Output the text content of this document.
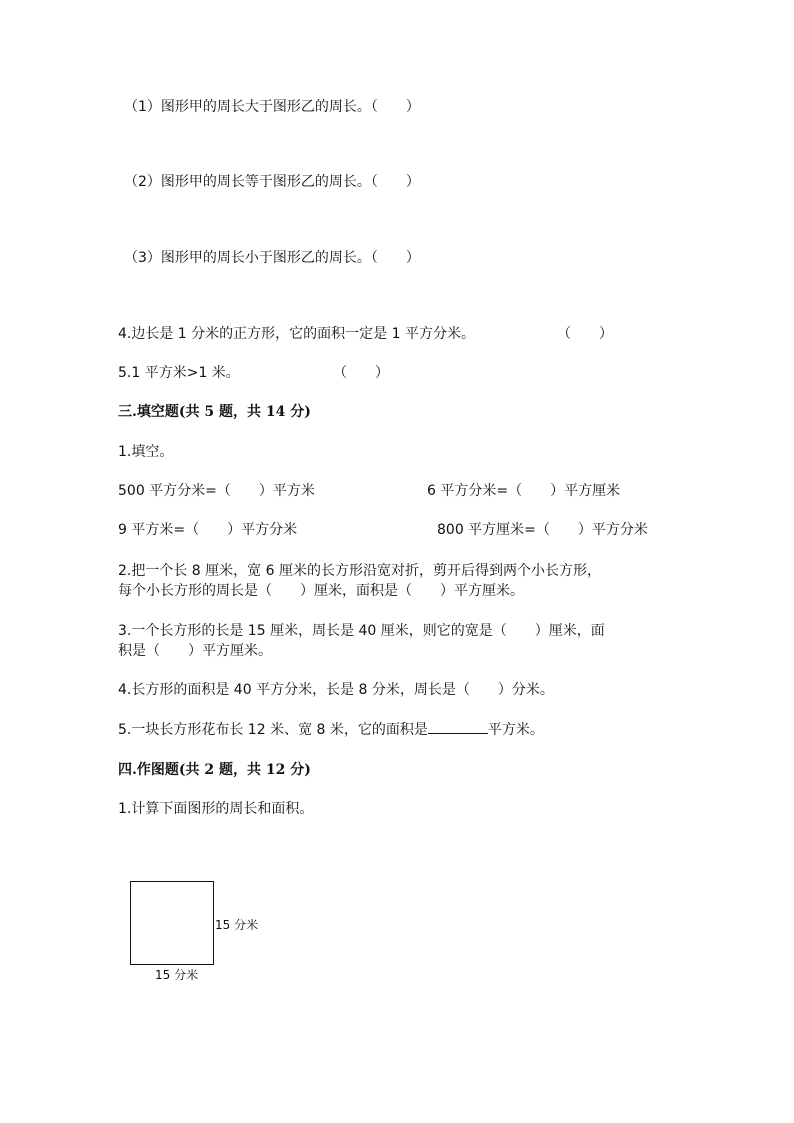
（1）图形甲的周长大于图形乙的周长。（　　）
（2）图形甲的周长等于图形乙的周长。（　　）
（3）图形甲的周长小于图形乙的周长。（　　）
4.边长是 1 分米的正方形，它的面积一定是 1 平方分米。	（　　）
5.1 平方米>1 米。	（　　）
三.填空题(共 5 题，共 14 分)
1.填空。
500 平方分米=（　　）平方米	6 平方分米=（　　）平方厘米
9 平方米=（　　）平方分米	800 平方厘米=（　　）平方分米
2.把一个长 8 厘米，宽 6 厘米的长方形沿宽对折，剪开后得到两个小长方形，
每个小长方形的周长是（　　）厘米，面积是（　　）平方厘米。
3.一个长方形的长是 15 厘米，周长是 40 厘米，则它的宽是（　　）厘米，面
积是（　　）平方厘米。
4.长方形的面积是 40 平方分米，长是 8 分米，周长是（　　）分米。
5.一块长方形花布长 12 米、宽 8 米，它的面积是	平方米。
四.作图题(共 2 题，共 12 分)
1.计算下面图形的周长和面积。
15 分米
15 分米
